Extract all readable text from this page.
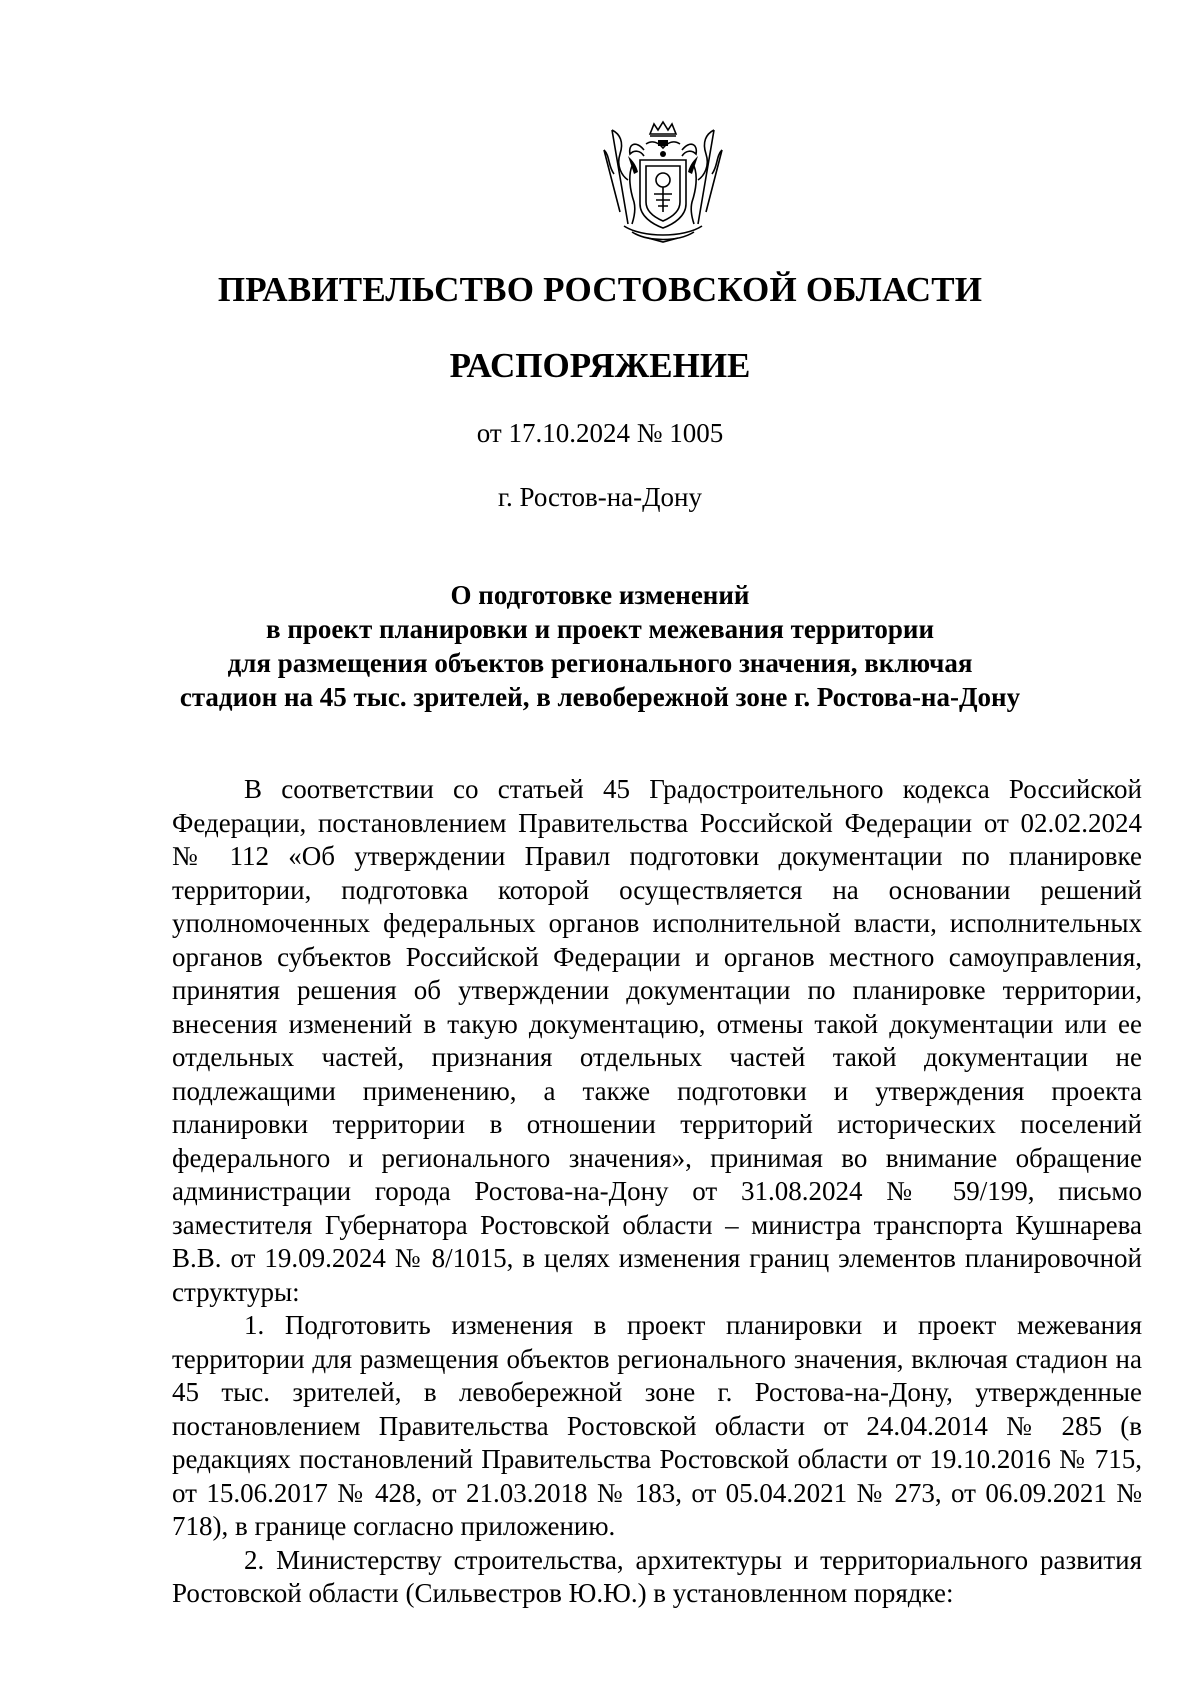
ПРАВИТЕЛЬСТВО РОСТОВСКОЙ ОБЛАСТИ
РАСПОРЯЖЕНИЕ
от 17.10.2024 № 1005
г. Ростов-на-Дону
О подготовке изменений
в проект планировки и проект межевания территории
для размещения объектов регионального значения, включая
стадион на 45 тыс. зрителей, в левобережной зоне г. Ростова-на-Дону

В соответствии со статьей 45 Градостроительного кодекса Российской Федерации, постановлением Правительства Российской Федерации от 02.02.2024 № 112 «Об утверждении Правил подготовки документации по планировке территории, подготовка которой осуществляется на основании решений уполномоченных федеральных органов исполнительной власти, исполнительных органов субъектов Российской Федерации и органов местного самоуправления, принятия решения об утверждении документации по планировке территории, внесения изменений в такую документацию, отмены такой документации или ее отдельных частей, признания отдельных частей такой документации не подлежащими применению, а также подготовки и утверждения проекта планировки территории в отношении территорий исторических поселений федерального и регионального значения», принимая во внимание обращение администрации города Ростова-на-Дону от 31.08.2024 № 59/199, письмо заместителя Губернатора Ростовской области – министра транспорта Кушнарева В.В. от 19.09.2024 № 8/1015, в целях изменения границ элементов планировочной структуры:

1. Подготовить изменения в проект планировки и проект межевания территории для размещения объектов регионального значения, включая стадион на 45 тыс. зрителей, в левобережной зоне г. Ростова-на-Дону, утвержденные постановлением Правительства Ростовской области от 24.04.2014 № 285 (в редакциях постановлений Правительства Ростовской области от 19.10.2016 № 715, от 15.06.2017 № 428, от 21.03.2018 № 183, от 05.04.2021 № 273, от 06.09.2021 № 718), в границе согласно приложению.

2. Министерству строительства, архитектуры и территориального развития Ростовской области (Сильвестров Ю.Ю.) в установленном порядке:
